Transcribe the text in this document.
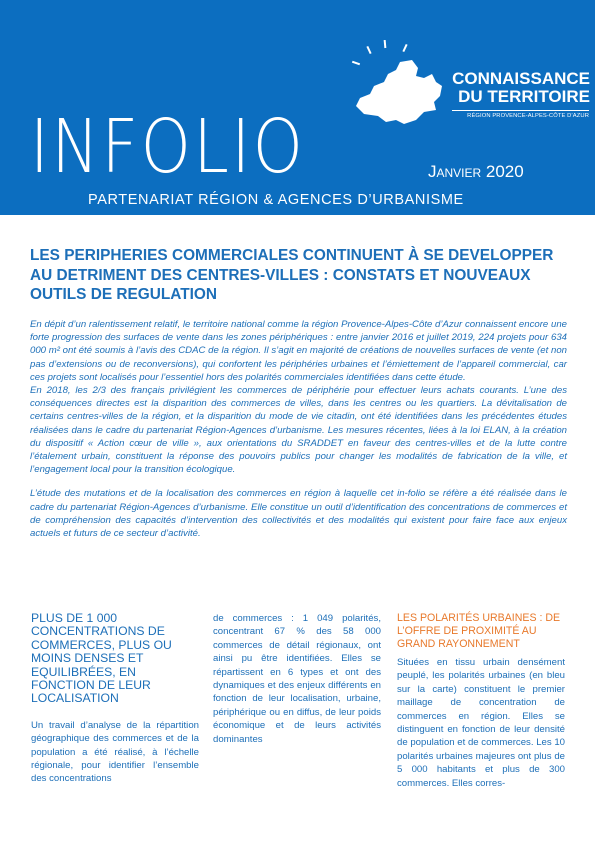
CONNAISSANCE
DU TERRITOIRE
RÉGION PROVENCE-ALPES-CÔTE D’AZUR
INFOLIO	Janvier 2020
PARTENARIAT RÉGION & AGENCES D’URBANISME
LES PERIPHERIES COMMERCIALES CONTINUENT À SE DEVELOPPER AU DETRIMENT DES CENTRES-VILLES : CONSTATS ET NOUVEAUX OUTILS DE REGULATION

En dépit d’un ralentissement relatif, le territoire national comme la région Provence-Alpes-Côte d’Azur connaissent encore une forte progression des surfaces de vente dans les zones périphériques : entre janvier 2016 et juillet 2019, 224 projets pour 634 000 m² ont été soumis à l’avis des CDAC de la région. Il s’agit en majorité de créations de nouvelles surfaces de vente (et non pas d’extensions ou de reconversions), qui confortent les périphéries urbaines et l’émiettement de l’appareil commercial, car ces projets sont localisés pour l’essentiel hors des polarités commerciales identifiées dans cette étude.

En 2018, les 2/3 des français privilégient les commerces de périphérie pour effectuer leurs achats courants. L’une des conséquences directes est la disparition des commerces de villes, dans les centres ou les quartiers. La dévitalisation de certains centres-villes de la région, et la disparition du mode de vie citadin, ont été identifiées dans les précédentes études réalisées dans le cadre du partenariat Région-Agences d’urbanisme. Les mesures récentes, liées à la loi ELAN, à la création du dispositif « Action cœur de ville », aux orientations du SRADDET en faveur des centres-villes et de la lutte contre l’étalement urbain, constituent la réponse des pouvoirs publics pour changer les modalités de fabrication de la ville, et l’engagement local pour la transition écologique.

L’étude des mutations et de la localisation des commerces en région à laquelle cet in-folio se réfère a été réalisée dans le cadre du partenariat Région-Agences d’urbanisme. Elle constitue un outil d’identification des concentrations de commerces et de compréhension des capacités d’intervention des collectivités et des modalités qui existent pour faire face aux enjeux actuels et futurs de ce secteur d’activité.

PLUS DE 1 000 CONCENTRATIONS DE COMMERCES, PLUS OU MOINS DENSES ET EQUILIBRÉES, EN FONCTION DE LEUR LOCALISATION

Un travail d’analyse de la répartition géographique des commerces et de la population a été réalisé, à l’échelle régionale, pour identifier l’ensemble des concentrations

de commerces : 1 049 polarités, concentrant 67 % des 58 000 commerces de détail régionaux, ont ainsi pu être identifiées. Elles se répartissent en 6 types et ont des dynamiques et des enjeux différents en fonction de leur localisation, urbaine, périphérique ou en diffus, de leur poids économique et de leurs activités dominantes

LES POLARITÉS URBAINES : DE L’OFFRE DE PROXIMITÉ AU GRAND RAYONNEMENT

Situées en tissu urbain densément peuplé, les polarités urbaines (en bleu sur la carte) constituent le premier maillage de concentration de commerces en région. Elles se distinguent en fonction de leur densité de population et de commerces. Les 10 polarités urbaines majeures ont plus de 5 000 habitants et plus de 300 commerces. Elles corres-
